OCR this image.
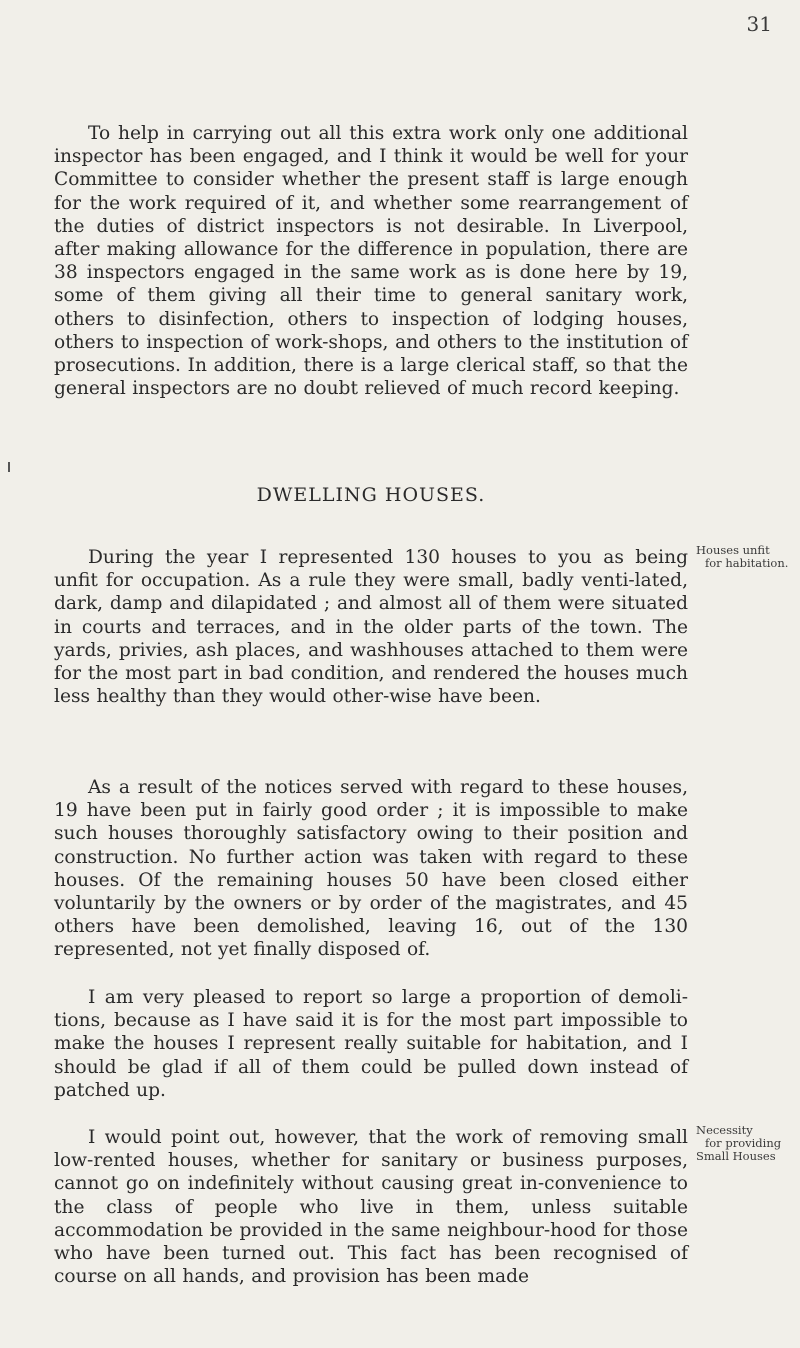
31

To help in carrying out all this extra work only one additional inspector has been engaged, and I think it would be well for your Committee to consider whether the present staff is large enough for the work required of it, and whether some rearrangement of the duties of district inspectors is not desirable. In Liverpool, after making allowance for the difference in population, there are 38 inspectors engaged in the same work as is done here by 19, some of them giving all their time to general sanitary work, others to disinfection, others to inspection of lodging houses, others to inspection of work-shops, and others to the institution of prosecutions. In addition, there is a large clerical staff, so that the general inspectors are no doubt relieved of much record keeping.

DWELLING HOUSES.

During the year I represented 130 houses to you as being unfit for occupation. As a rule they were small, badly venti-lated, dark, damp and dilapidated ; and almost all of them were situated in courts and terraces, and in the older parts of the town. The yards, privies, ash places, and washhouses attached to them were for the most part in bad condition, and rendered the houses much less healthy than they would other-wise have been.

Houses unfit
for habitation.

As a result of the notices served with regard to these houses, 19 have been put in fairly good order ; it is impossible to make such houses thoroughly satisfactory owing to their position and construction. No further action was taken with regard to these houses. Of the remaining houses 50 have been closed either voluntarily by the owners or by order of the magistrates, and 45 others have been demolished, leaving 16, out of the 130 represented, not yet finally disposed of.

I am very pleased to report so large a proportion of demoli-tions, because as I have said it is for the most part impossible to make the houses I represent really suitable for habitation, and I should be glad if all of them could be pulled down instead of patched up.

I would point out, however, that the work of removing small low-rented houses, whether for sanitary or business purposes, cannot go on indefinitely without causing great in-convenience to the class of people who live in them, unless suitable accommodation be provided in the same neighbour-hood for those who have been turned out. This fact has been recognised of course on all hands, and provision has been made

Necessity
for providing
Small Houses
